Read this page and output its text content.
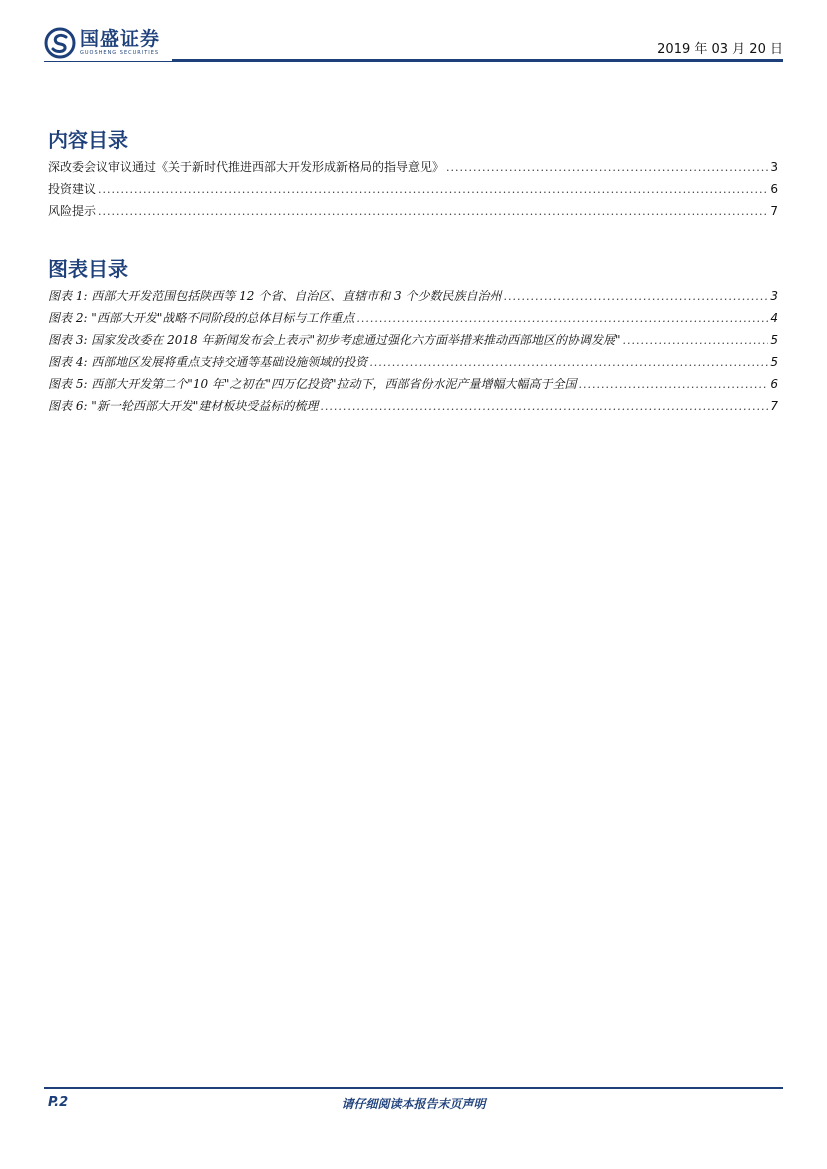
国盛证券
GUOSHENG SECURITIES	2019 年 03 月 20 日
内容目录
深改委会议审议通过《关于新时代推进西部大开发形成新格局的指导意见》 .....	3
投资建议 .....	6
风险提示 .....	7
图表目录
图表 1: 西部大开发范围包括陕西等 12 个省、自治区、直辖市和 3 个少数民族自治州 .....	3
图表 2: "西部大开发"战略不同阶段的总体目标与工作重点 .....	4
图表 3: 国家发改委在 2018 年新闻发布会上表示"初步考虑通过强化六方面举措来推动西部地区的协调发展" .....	5
图表 4: 西部地区发展将重点支持交通等基础设施领域的投资 .....	5
图表 5: 西部大开发第二个"10 年"之初在"四万亿投资"拉动下，西部省份水泥产量增幅大幅高于全国 .....	6
图表 6: "新一轮西部大开发"建材板块受益标的梳理 .....	7
P.2	请仔细阅读本报告末页声明
